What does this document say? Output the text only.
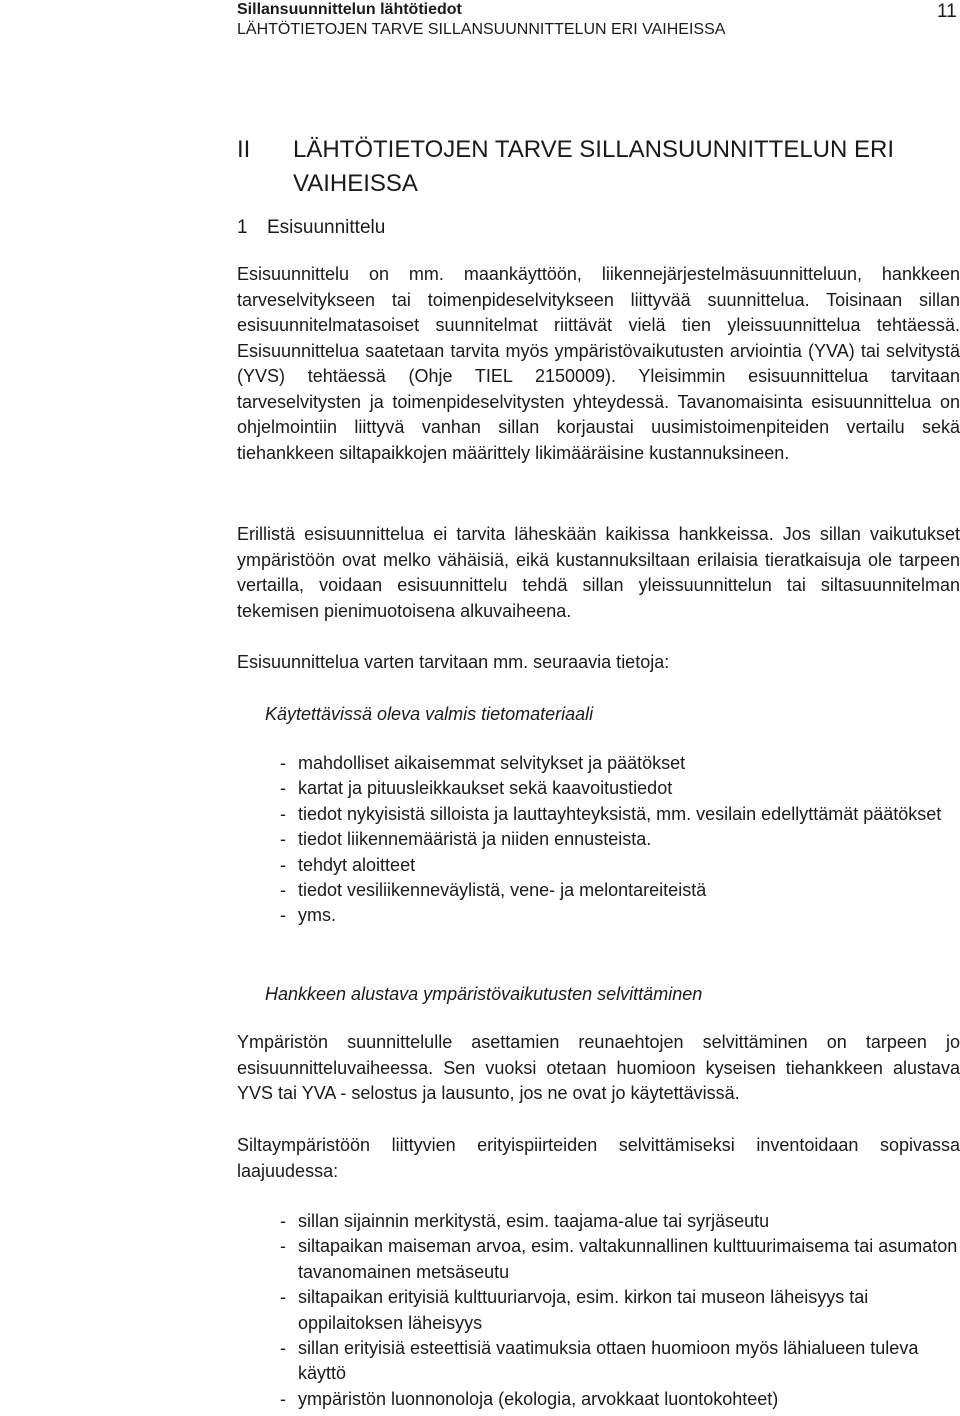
Sillansuunnittelun lähtötiedot
LÄHTÖTIETOJEN TARVE SILLANSUUNNITTELUN ERI VAIHEISSA
11
II LÄHTÖTIETOJEN TARVE SILLANSUUNNITTELUN ERI VAIHEISSA
1 Esisuunnittelu

Esisuunnittelu on mm. maankäyttöön, liikennejärjestelmäsuunnitteluun, hankkeen tarveselvitykseen tai toimenpideselvitykseen liittyvää suunnittelua. Toisinaan sillan esisuunnitelmatasoiset suunnitelmat riittävät vielä tien yleissuunnittelua tehtäessä. Esisuunnittelua saatetaan tarvita myös ympäristövaikutusten arviointia (YVA) tai selvitystä (YVS) tehtäessä (Ohje TIEL 2150009). Yleisimmin esisuunnittelua tarvitaan tarveselvitysten ja toimenpideselvitysten yhteydessä. Tavanomaisinta esisuunnittelua on ohjelmointiin liittyvä vanhan sillan korjaustai uusimistoimenpiteiden vertailu sekä tiehankkeen siltapaikkojen määrittely likimääräisine kustannuksineen.

Erillistä esisuunnittelua ei tarvita läheskään kaikissa hankkeissa. Jos sillan vaikutukset ympäristöön ovat melko vähäisiä, eikä kustannuksiltaan erilaisia tieratkaisuja ole tarpeen vertailla, voidaan esisuunnittelu tehdä sillan yleissuunnittelun tai siltasuunnitelman tekemisen pienimuotoisena alkuvaiheena.

Esisuunnittelua varten tarvitaan mm. seuraavia tietoja:

Käytettävissä oleva valmis tietomateriaali
- mahdolliset aikaisemmat selvitykset ja päätökset
- kartat ja pituusleikkaukset sekä kaavoitustiedot
- tiedot nykyisistä silloista ja lauttayhteyksistä, mm. vesilain edellyttämät päätökset
- tiedot liikennemääristä ja niiden ennusteista.
- tehdyt aloitteet
- tiedot vesiliikenneväylistä, vene- ja melontareiteistä
- yms.
Hankkeen alustava ympäristövaikutusten selvittäminen

Ympäristön suunnittelulle asettamien reunaehtojen selvittäminen on tarpeen jo esisuunnitteluvaiheessa. Sen vuoksi otetaan huomioon kyseisen tiehankkeen alustava YVS tai YVA - selostus ja lausunto, jos ne ovat jo käytettävissä.

Siltaympäristöön liittyvien erityispiirteiden selvittämiseksi inventoidaan sopivassa laajuudessa:

- sillan sijainnin merkitystä, esim. taajama-alue tai syrjäseutu
- siltapaikan maiseman arvoa, esim. valtakunnallinen kulttuurimaisema tai asumaton tavanomainen metsäseutu
- siltapaikan erityisiä kulttuuriarvoja, esim. kirkon tai museon läheisyys tai oppilaitoksen läheisyys
- sillan erityisiä esteettisiä vaatimuksia ottaen huomioon myös lähialueen tuleva käyttö
- ympäristön luonnonoloja (ekologia, arvokkaat luontokohteet)
